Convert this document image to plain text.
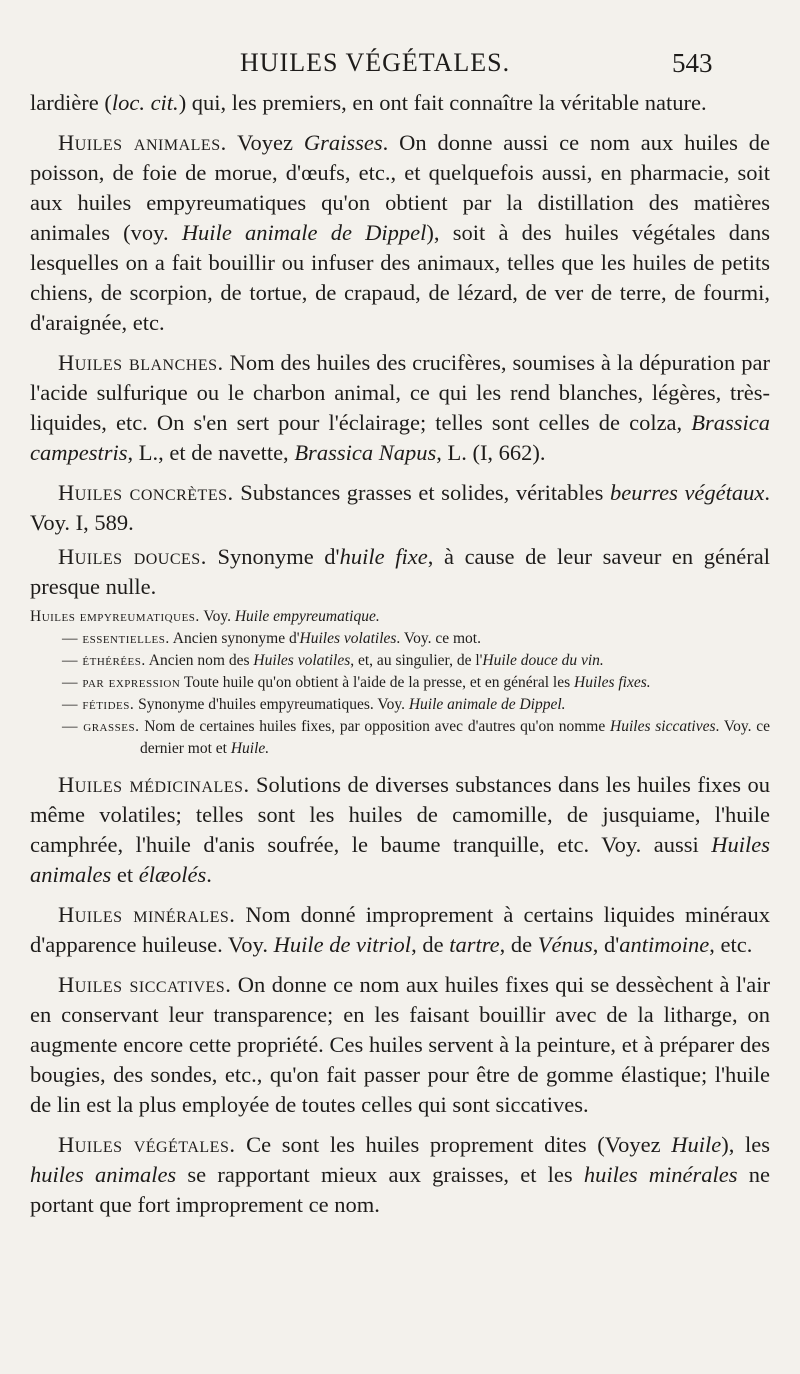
HUILES VÉGÉTALES.	543

lardière (loc. cit.) qui, les premiers, en ont fait connaître la véritable nature.

Huiles animales. Voyez Graisses. On donne aussi ce nom aux huiles de poisson, de foie de morue, d'œufs, etc., et quelquefois aussi, en pharmacie, soit aux huiles empyreumatiques qu'on obtient par la distillation des matières animales (voy. Huile animale de Dippel), soit à des huiles végétales dans lesquelles on a fait bouillir ou infuser des animaux, telles que les huiles de petits chiens, de scorpion, de tortue, de crapaud, de lézard, de ver de terre, de fourmi, d'araignée, etc.

Huiles blanches. Nom des huiles des crucifères, soumises à la dépuration par l'acide sulfurique ou le charbon animal, ce qui les rend blanches, légères, très-liquides, etc. On s'en sert pour l'éclairage; telles sont celles de colza, Brassica campestris, L., et de navette, Brassica Napus, L. (I, 662).

Huiles concrètes. Substances grasses et solides, véritables beurres végétaux. Voy. I, 589.

Huiles douces. Synonyme d'huile fixe, à cause de leur saveur en général presque nulle.

Huiles empyreumatiques. Voy. Huile empyreumatique.

— essentielles. Ancien synonyme d'Huiles volatiles. Voy. ce mot.

— éthérées. Ancien nom des Huiles volatiles, et, au singulier, de l'Huile douce du vin.

— par expression Toute huile qu'on obtient à l'aide de la presse, et en général les Huiles fixes.

— fétides. Synonyme d'huiles empyreumatiques. Voy. Huile animale de Dippel.

— grasses. Nom de certaines huiles fixes, par opposition avec d'autres qu'on nomme Huiles siccatives. Voy. ce dernier mot et Huile.

Huiles médicinales. Solutions de diverses substances dans les huiles fixes ou même volatiles; telles sont les huiles de camomille, de jusquiame, l'huile camphrée, l'huile d'anis soufrée, le baume tranquille, etc. Voy. aussi Huiles animales et élæolés.

Huiles minérales. Nom donné improprement à certains liquides minéraux d'apparence huileuse. Voy. Huile de vitriol, de tartre, de Vénus, d'antimoine, etc.

Huiles siccatives. On donne ce nom aux huiles fixes qui se dessèchent à l'air en conservant leur transparence; en les faisant bouillir avec de la litharge, on augmente encore cette propriété. Ces huiles servent à la peinture, et à préparer des bougies, des sondes, etc., qu'on fait passer pour être de gomme élastique; l'huile de lin est la plus employée de toutes celles qui sont siccatives.

Huiles végétales. Ce sont les huiles proprement dites (Voyez Huile), les huiles animales se rapportant mieux aux graisses, et les huiles minérales ne portant que fort improprement ce nom.
